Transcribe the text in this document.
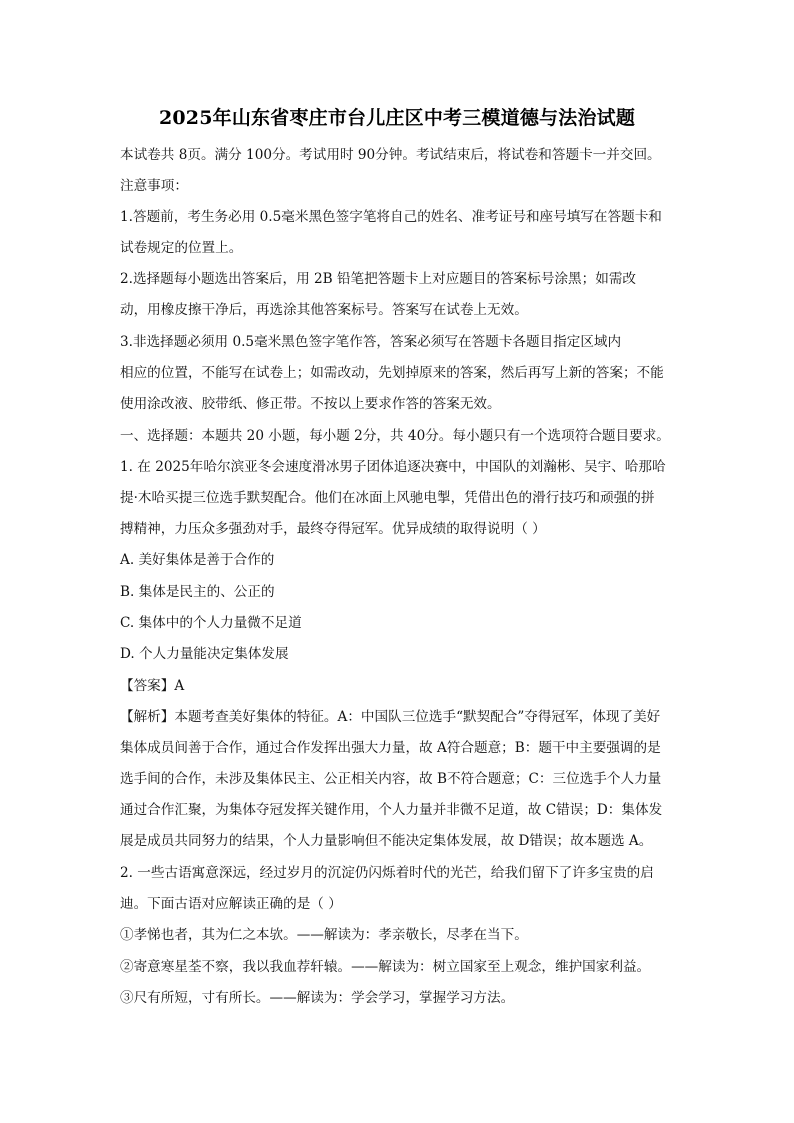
2025年山东省枣庄市台儿庄区中考三模道德与法治试题
本试卷共 8页。满分 100分。考试用时 90分钟。考试结束后，将试卷和答题卡一并交回。
注意事项：
1.答题前，考生务必用 0.5毫米黑色签字笔将自己的姓名、准考证号和座号填写在答题卡和
试卷规定的位置上。
2.选择题每小题选出答案后，用 2B 铅笔把答题卡上对应题目的答案标号涂黑；如需改
动，用橡皮擦干净后，再选涂其他答案标号。答案写在试卷上无效。
3.非选择题必须用 0.5毫米黑色签字笔作答，答案必须写在答题卡各题目指定区域内
相应的位置，不能写在试卷上；如需改动，先划掉原来的答案，然后再写上新的答案；不能
使用涂改液、胶带纸、修正带。不按以上要求作答的答案无效。
一、选择题：本题共 20 小题，每小题 2分，共 40分。每小题只有一个选项符合题目要求。
1. 在 2025年哈尔滨亚冬会速度滑冰男子团体追逐决赛中，中国队的刘瀚彬、吴宇、哈那哈
提·木哈买提三位选手默契配合。他们在冰面上风驰电掣，凭借出色的滑行技巧和顽强的拼
搏精神，力压众多强劲对手，最终夺得冠军。优异成绩的取得说明（ ）
A. 美好集体是善于合作的
B. 集体是民主的、公正的
C. 集体中的个人力量微不足道
D. 个人力量能决定集体发展
【答案】A
【解析】本题考查美好集体的特征。A：中国队三位选手“默契配合”夺得冠军，体现了美好
集体成员间善于合作，通过合作发挥出强大力量，故 A符合题意；B：题干中主要强调的是
选手间的合作，未涉及集体民主、公正相关内容，故 B不符合题意；C：三位选手个人力量
通过合作汇聚，为集体夺冠发挥关键作用，个人力量并非微不足道，故 C错误；D：集体发
展是成员共同努力的结果，个人力量影响但不能决定集体发展，故 D错误；故本题选 A。
2. 一些古语寓意深远，经过岁月的沉淀仍闪烁着时代的光芒，给我们留下了许多宝贵的启
迪。下面古语对应解读正确的是（ ）
①孝悌也者，其为仁之本欤。——解读为：孝亲敬长，尽孝在当下。
②寄意寒星荃不察，我以我血荐轩辕。——解读为：树立国家至上观念，维护国家利益。
③尺有所短，寸有所长。——解读为：学会学习，掌握学习方法。
